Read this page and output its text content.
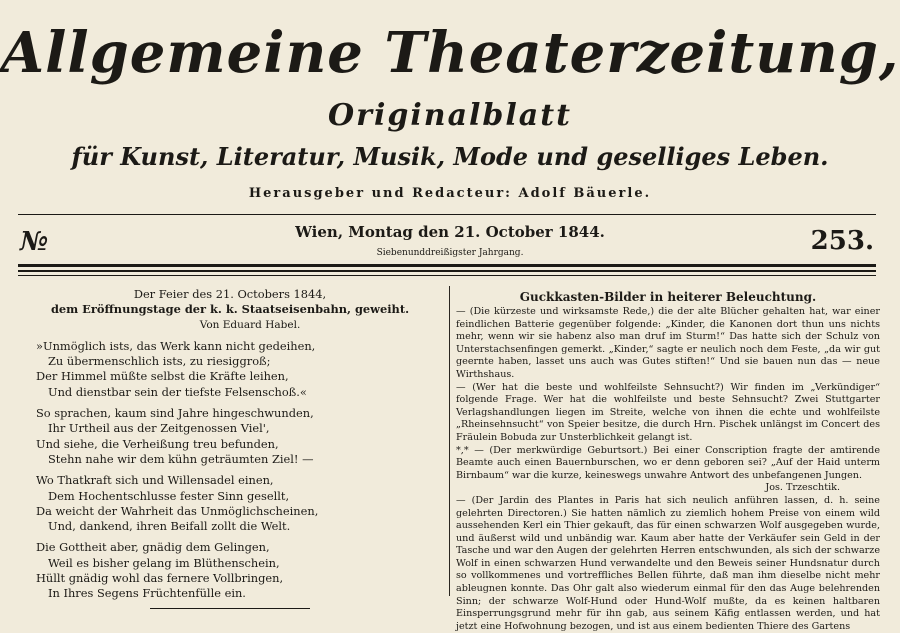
Allgemeine Theaterzeitung,
Originalblatt
für Kunst, Literatur, Musik, Mode und geselliges Leben.
Herausgeber und Redacteur: Adolf Bäuerle.
№	Wien, Montag den 21. October 1844.
Siebenunddreißigster Jahrgang.	253.
Der Feier des 21. Octobers 1844,
dem Eröffnungstage der k. k. Staatseisenbahn, geweiht.
Von Eduard Habel.
»Unmöglich ists, das Werk kann nicht gedeihen,
Zu übermenschlich ists, zu riesiggroß;
Der Himmel müßte selbst die Kräfte leihen,
Und dienstbar sein der tiefste Felsenschoß.«
So sprachen, kaum sind Jahre hingeschwunden,
Ihr Urtheil aus der Zeitgenossen Viel',
Und siehe, die Verheißung treu befunden,
Stehn nahe wir dem kühn geträumten Ziel! —
Wo Thatkraft sich und Willensadel einen,
Dem Hochentschlusse fester Sinn gesellt,
Da weicht der Wahrheit das Unmöglichscheinen,
Und, dankend, ihren Beifall zollt die Welt.
Die Gottheit aber, gnädig dem Gelingen,
Weil es bisher gelang im Blüthenschein,
Hüllt gnädig wohl das fernere Vollbringen,
In Ihres Segens Früchtenfülle ein.
Guckkasten-Bilder in heiterer Beleuchtung.

— (Die kürzeste und wirksamste Rede,) die der alte Blücher gehalten hat, war einer feindlichen Batterie gegenüber folgende: „Kinder, die Kanonen dort thun uns nichts mehr, wenn wir sie habenz also man druf im Sturm!“ Das hatte sich der Schulz von Unterstachsenfingen gemerkt. „Kinder,“ sagte er neulich noch dem Feste, „da wir gut geernte haben, lasset uns auch was Gutes stiften!“ Und sie bauen nun das — neue Wirthshaus.

— (Wer hat die beste und wohlfeilste Sehnsucht?) Wir finden im „Verkündiger“ folgende Frage. Wer hat die wohlfeilste und beste Sehnsucht? Zwei Stuttgarter Verlagshandlungen liegen im Streite, welche von ihnen die echte und wohlfeilste „Rheinsehnsucht“ von Speier besitze, die durch Hrn. Pischek unlängst im Concert des Fräulein Bobuda zur Unsterblichkeit gelangt ist.

*,* — (Der merkwürdige Geburtsort.) Bei einer Conscription fragte der amtirende Beamte auch einen Bauernburschen, wo er denn geboren sei? „Auf der Haid unterm Birnbaum“ war die kurze, keineswegs unwahre Antwort des unbefangenen Jungen.

Jos. Trzeschtik.

— (Der Jardin des Plantes in Paris hat sich neulich anführen lassen, d. h. seine gelehrten Directoren.) Sie hatten nämlich zu ziemlich hohem Preise von einem wild aussehenden Kerl ein Thier gekauft, das für einen schwarzen Wolf ausgegeben wurde, und äußerst wild und unbändig war. Kaum aber hatte der Verkäufer sein Geld in der Tasche und war den Augen der gelehrten Herren entschwunden, als sich der schwarze Wolf in einen schwarzen Hund verwandelte und den Beweis seiner Hundsnatur durch so vollkommenes und vortreffliches Bellen führte, daß man ihm dieselbe nicht mehr ableugnen konnte. Das Ohr galt also wiederum einmal für den das Auge belehrenden Sinn; der schwarze Wolf-Hund oder Hund-Wolf mußte, da es keinen haltbaren Einsperrungsgrund mehr für ihn gab, aus seinem Käfig entlassen werden, und hat jetzt eine Hofwohnung bezogen, und ist aus einem bedienten Thiere des Gartens
